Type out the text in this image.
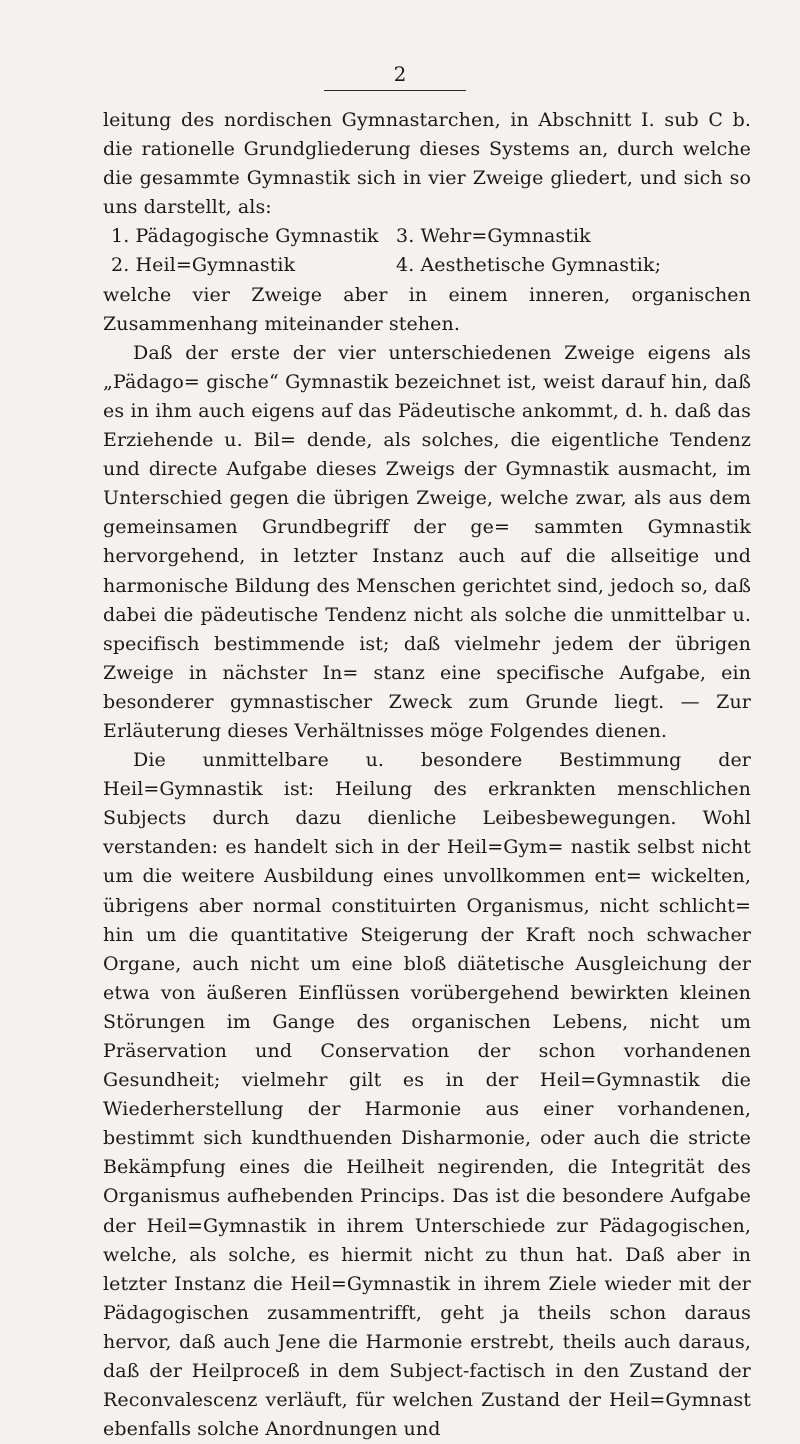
2

leitung des nordischen Gymnastarchen, in Abschnitt I. sub C b. die rationelle Grundgliederung dieses Systems an, durch welche die gesammte Gymnastik sich in vier Zweige gliedert, und sich so uns darstellt, als:

1. Pädagogische Gymnastik 3. Wehr=Gymnastik
2. Heil=Gymnastik	4. Aesthetische Gymnastik;

welche vier Zweige aber in einem inneren, organischen Zusammenhang miteinander stehen.

Daß der erste der vier unterschiedenen Zweige eigens als „Pädago= gische“ Gymnastik bezeichnet ist, weist darauf hin, daß es in ihm auch eigens auf das Pädeutische ankommt, d. h. daß das Erziehende u. Bil= dende, als solches, die eigentliche Tendenz und directe Aufgabe dieses Zweigs der Gymnastik ausmacht, im Unterschied gegen die übrigen Zweige, welche zwar, als aus dem gemeinsamen Grundbegriff der ge= sammten Gymnastik hervorgehend, in letzter Instanz auch auf die allseitige und harmonische Bildung des Menschen gerichtet sind, jedoch so, daß dabei die pädeutische Tendenz nicht als solche die unmittelbar u. specifisch bestimmende ist; daß vielmehr jedem der übrigen Zweige in nächster In= stanz eine specifische Aufgabe, ein besonderer gymnastischer Zweck zum Grunde liegt. — Zur Erläuterung dieses Verhältnisses möge Folgendes dienen.

Die unmittelbare u. besondere Bestimmung der Heil=Gymnastik ist: Heilung des erkrankten menschlichen Subjects durch dazu dienliche Leibesbewegungen. Wohl verstanden: es handelt sich in der Heil=Gym= nastik selbst nicht um die weitere Ausbildung eines unvollkommen ent= wickelten, übrigens aber normal constituirten Organismus, nicht schlicht= hin um die quantitative Steigerung der Kraft noch schwacher Organe, auch nicht um eine bloß diätetische Ausgleichung der etwa von äußeren Einflüssen vorübergehend bewirkten kleinen Störungen im Gange des organischen Lebens, nicht um Präservation und Conservation der schon vorhandenen Gesundheit; vielmehr gilt es in der Heil=Gymnastik die Wiederherstellung der Harmonie aus einer vorhandenen, bestimmt sich kundthuenden Disharmonie, oder auch die stricte Bekämpfung eines die Heilheit negirenden, die Integrität des Organismus aufhebenden Princips. Das ist die besondere Aufgabe der Heil=Gymnastik in ihrem Unterschiede zur Pädagogischen, welche, als solche, es hiermit nicht zu thun hat. Daß aber in letzter Instanz die Heil=Gymnastik in ihrem Ziele wieder mit der Pädagogischen zusammentrifft, geht ja theils schon daraus hervor, daß auch Jene die Harmonie erstrebt, theils auch daraus, daß der Heilproceß in dem Subject-factisch in den Zustand der Reconvalescenz verläuft, für welchen Zustand der Heil=Gymnast ebenfalls solche Anordnungen und
